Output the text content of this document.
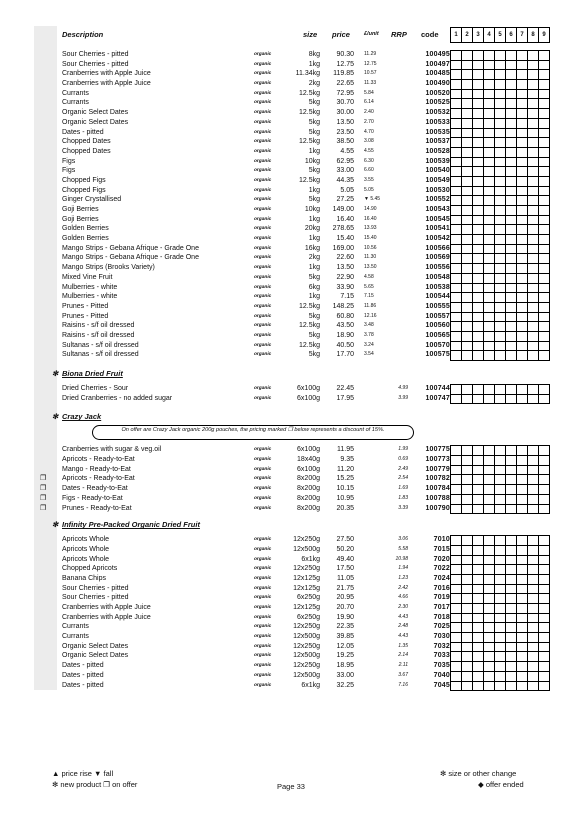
Description	size price	£/unit RRP code	1	2	3	4	5	6	7	8	9
Sour Cherries - pitted	organic	8kg	90.30 11.29	100495
Sour Cherries - pitted	organic	1kg	12.75 12.75	100497
Cranberries with Apple Juice	organic	11.34kg	119.85 10.57	100485
Cranberries with Apple Juice	organic	2kg	22.65 11.33	100490
Currants	organic	12.5kg	72.95 5.84	100520
Currants	organic	5kg	30.70 6.14	100525
Organic Select Dates	organic	12.5kg	30.00 2.40	100532
Organic Select Dates	organic	5kg	13.50 2.70	100533
Dates - pitted	organic	5kg	23.50 4.70	100535
Chopped Dates	organic	12.5kg	38.50 3.08	100537
Chopped Dates	organic	1kg	4.55 4.55	100528
Figs	organic	10kg	62.95 6.30	100539
Figs	organic	5kg	33.00 6.60	100540
Chopped Figs	organic	12.5kg	44.35 3.55	100549
Chopped Figs	organic	1kg	5.05 5.05	100530
Ginger Crystallised	organic	5kg	27.25 ▼ 5.45	100552
Goji Berries	organic	10kg	149.00 14.90	100543
Goji Berries	organic	1kg	16.40 16.40	100545
Golden Berries	organic	20kg	278.65 13.93	100541
Golden Berries	organic	1kg	15.40 15.40	100542
Mango Strips - Gebana Afrique - Grade One	organic	16kg	169.00 10.56	100566
Mango Strips - Gebana Afrique - Grade One	organic	2kg	22.60 11.30	100569
Mango Strips (Brooks Variety)	organic	1kg	13.50 13.50	100556
Mixed Vine Fruit	organic	5kg	22.90 4.58	100548
Mulberries - white	organic	6kg	33.90 5.65	100538
Mulberries - white	organic	1kg	7.15 7.15	100544
Prunes - Pitted	organic	12.5kg	148.25 11.86	100555
Prunes - Pitted	organic	5kg	60.80 12.16	100557
Raisins - s/f oil dressed	organic	12.5kg	43.50 3.48	100560
Raisins - s/f oil dressed	organic	5kg	18.90 3.78	100565
Sultanas - s/f oil dressed	organic	12.5kg	40.50 3.24	100570
Sultanas - s/f oil dressed	organic	5kg	17.70 3.54	100575
✻ Biona Dried Fruit
Dried Cherries - Sour	organic	6x100g	22.45	4.99	100744
Dried Cranberries - no added sugar	organic	6x100g	17.95	3.99	100747
✻ Crazy Jack
On offer are Crazy Jack organic 200g pouches, the pricing marked ❐ below represents a discount of 15%.
Cranberries with sugar & veg.oil	organic	6x100g	11.95	1.99	100775
Apricots - Ready-to-Eat	organic	18x40g	9.35	0.69	100773
Mango - Ready-to-Eat	organic	6x100g	11.20	2.49	100779
❐ Apricots - Ready-to-Eat	organic	8x200g	15.25	2.54	100782
❐ Dates - Ready-to-Eat	organic	8x200g	10.15	1.69	100784
❐ Figs - Ready-to-Eat	organic	8x200g	10.95	1.83	100788
❐ Prunes - Ready-to-Eat	organic	8x200g	20.35	3.39	100790
✻ Infinity Pre-Packed Organic Dried Fruit
Apricots Whole	organic	12x250g	27.50	3.06	7010
Apricots Whole	organic	12x500g	50.20	5.58	7015
Apricots Whole	organic	6x1kg	49.40	10.98	7020
Chopped Apricots	organic	12x250g	17.50	1.94	7022
Banana Chips	organic	12x125g	11.05	1.23	7024
Sour Cherries - pitted	organic	12x125g	21.75	2.42	7016
Sour Cherries - pitted	organic	6x250g	20.95	4.66	7019
Cranberries with Apple Juice	organic	12x125g	20.70	2.30	7017
Cranberries with Apple Juice	organic	6x250g	19.90	4.43	7018
Currants	organic	12x250g	22.35	2.48	7025
Currants	organic	12x500g	39.85	4.43	7030
Organic Select Dates	organic	12x250g	12.05	1.35	7032
Organic Select Dates	organic	12x500g	19.25	2.14	7033
Dates - pitted	organic	12x250g	18.95	2.11	7035
Dates - pitted	organic	12x500g	33.00	3.67	7040
Dates - pitted	organic	6x1kg	32.25	7.16	7045
▲ price rise ▼ fall
✻ new product ❐ on offer	Page 33
✻ size or other change
◆ offer ended
